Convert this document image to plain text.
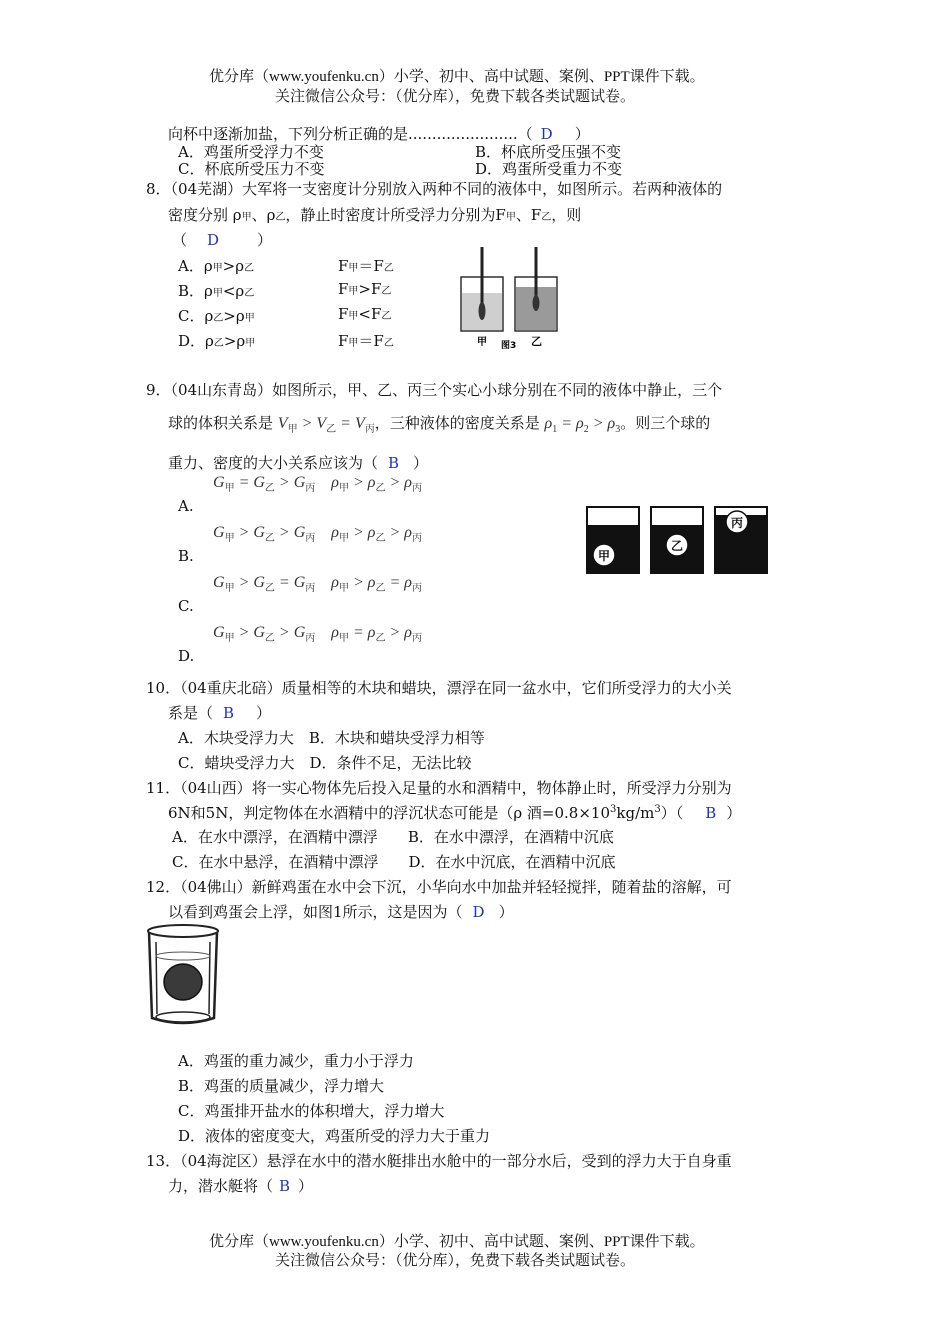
优分库（www.youfenku.cn）小学、初中、高中试题、案例、PPT课件下载。
关注微信公众号：（优分库），免费下载各类试题试卷。
向杯中逐渐加盐，下列分析正确的是.......................（ D ）
A．鸡蛋所受浮力不变	B．杯底所受压强不变
C．杯底所受压力不变	D．鸡蛋所受重力不变
8．（04芜湖）大军将一支密度计分别放入两种不同的液体中，如图所示。若两种液体的
密度分别 ρ甲、ρ乙，静止时密度计所受浮力分别为F甲、F乙，则
（ D	）
A．ρ甲>ρ乙	F甲＝F乙
B．ρ甲<ρ乙	F甲>F乙
C．ρ乙>ρ甲	F甲<F乙
D．ρ乙>ρ甲	F甲＝F乙	甲 图3 乙
9．（04山东青岛）如图所示，甲、乙、丙三个实心小球分别在不同的液体中静止，三个
球的体积关系是 $V_甲 > V_乙 = V_丙$，三种液体的密度关系是 $\rho_1 = \rho_2 > \rho_3$。则三个球的
重力、密度的大小关系应该为（ B ）
$G_甲 = G_乙 > G_丙$    $\rho_甲 > \rho_乙 > \rho_丙$
A.
$G_甲 > G_乙 > G_丙$    $\rho_甲 > \rho_乙 > \rho_丙$
B.
$G_甲 > G_乙 = G_丙$    $\rho_甲 > \rho_乙 = \rho_丙$
C.
$G_甲 > G_乙 > G_丙$    $\rho_甲 = \rho_乙 > \rho_丙$
D.
甲
乙
丙
10．（04重庆北碚）质量相等的木块和蜡块，漂浮在同一盆水中，它们所受浮力的大小关
系是（ B ）
A．木块受浮力大　B．木块和蜡块受浮力相等
C．蜡块受浮力大　D．条件不足，无法比较
11．（04山西）将一实心物体先后投入足量的水和酒精中，物体静止时，所受浮力分别为
6N和5N，判定物体在水酒精中的浮沉状态可能是（ρ 酒$=0.8\times 10^3kg/m^3$）（ B ）
A．在水中漂浮，在酒精中漂浮　　B．在水中漂浮，在酒精中沉底
C．在水中悬浮，在酒精中漂浮　　D．在水中沉底，在酒精中沉底
12．（04佛山）新鲜鸡蛋在水中会下沉，小华向水中加盐并轻轻搅拌，随着盐的溶解，可
以看到鸡蛋会上浮，如图1所示，这是因为（ D ）
A．鸡蛋的重力减少，重力小于浮力
B．鸡蛋的质量减少，浮力增大
C．鸡蛋排开盐水的体积增大，浮力增大
D．液体的密度变大，鸡蛋所受的浮力大于重力
13．（04海淀区）悬浮在水中的潜水艇排出水舱中的一部分水后，受到的浮力大于自身重
力，潜水艇将（ B ）
优分库（www.youfenku.cn）小学、初中、高中试题、案例、PPT课件下载。
关注微信公众号：（优分库），免费下载各类试题试卷。
